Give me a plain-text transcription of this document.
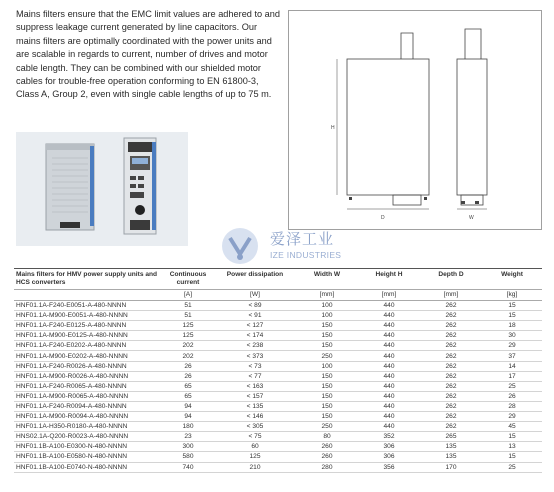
Mains filters ensure that the EMC limit values are adhered to and suppress leakage current generated by line capacitors. Our mains filters are optimally coordinated with the power units and are scalable in regards to current, number of drives and motor cable length. They can be combined with our shielded motor cables for trouble-free operation conforming to EN 61800-3, Class A, Group 2, even with single cable lengths of up to 75 m.
D
H
W
爱泽工业
IZE INDUSTRIES
Mains filters for HMV power supply units and HCS converters	Continuous current	Power dissipation	Width W	Height H	Depth D	Weight
	[A]	[W]	[mm]	[mm]	[mm]	[kg]
HNF01.1A-F240-E0051-A-480-NNNN	51	< 89	100	440	262	15
HNF01.1A-M900-E0051-A-480-NNNN	51	< 91	100	440	262	15
HNF01.1A-F240-E0125-A-480-NNNN	125	< 127	150	440	262	18
HNF01.1A-M900-E0125-A-480-NNNN	125	< 174	150	440	262	30
HNF01.1A-F240-E0202-A-480-NNNN	202	< 238	150	440	262	29
HNF01.1A-M900-E0202-A-480-NNNN	202	< 373	250	440	262	37
HNF01.1A-F240-R0026-A-480-NNNN	26	< 73	100	440	262	14
HNF01.1A-M900-R0026-A-480-NNNN	26	< 77	150	440	262	17
HNF01.1A-F240-R0065-A-480-NNNN	65	< 163	150	440	262	25
HNF01.1A-M900-R0065-A-480-NNNN	65	< 157	150	440	262	26
HNF01.1A-F240-R0094-A-480-NNNN	94	< 135	150	440	262	28
HNF01.1A-M900-R0094-A-480-NNNN	94	< 146	150	440	262	29
HNF01.1A-H350-R0180-A-480-NNNN	180	< 305	250	440	262	45
HNS02.1A-Q200-R0023-A-480-NNNN	23	< 75	80	352	265	15
HNF01.1B-A100-E0300-N-480-NNNN	300	60	260	306	135	13
HNF01.1B-A100-E0580-N-480-NNNN	580	125	260	306	135	15
HNF01.1B-A100-E0740-N-480-NNNN	740	210	280	356	170	25
